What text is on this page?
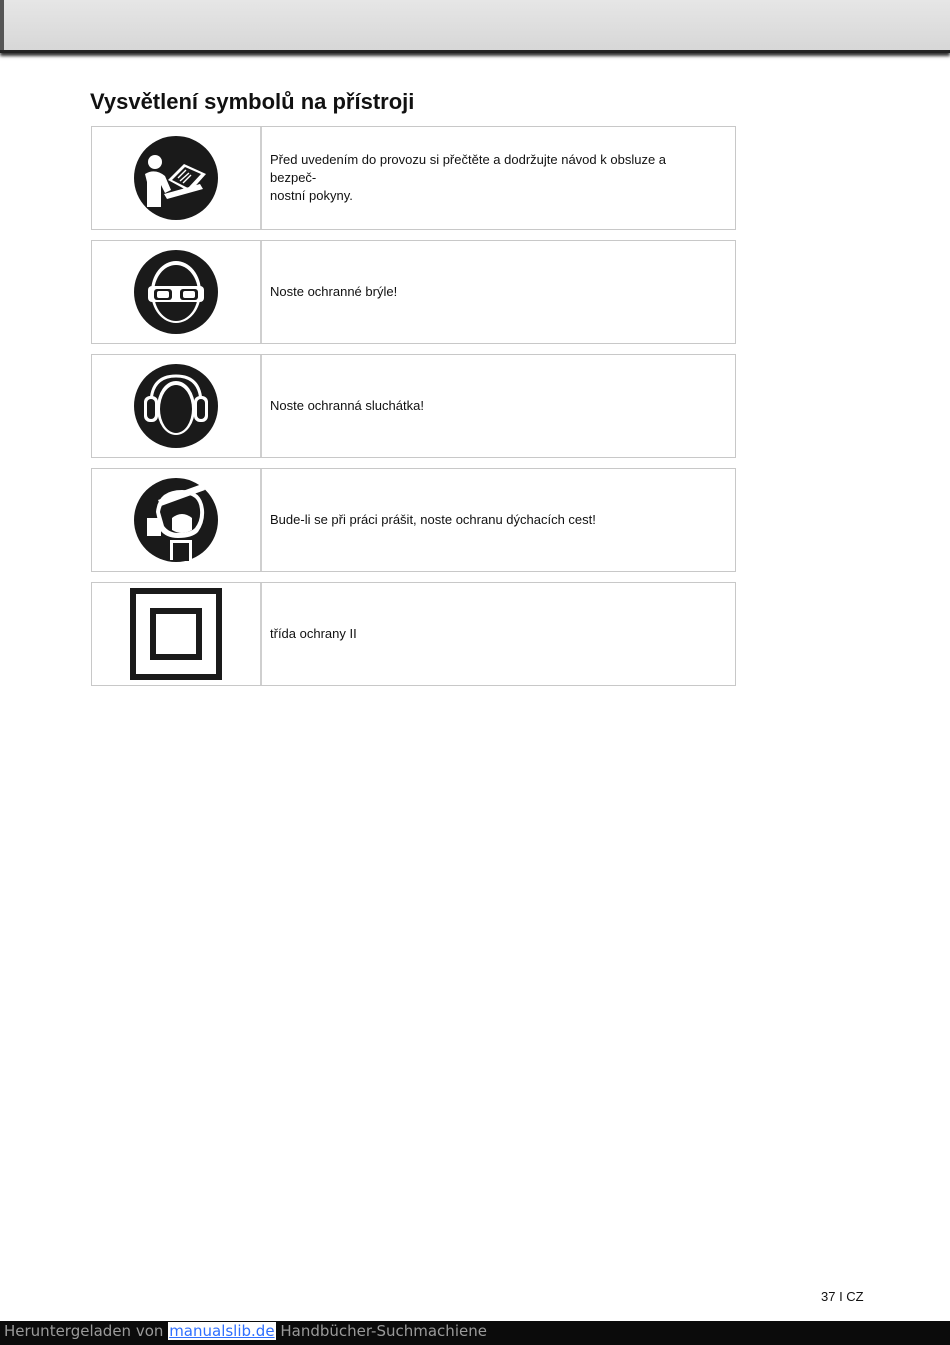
Vysvětlení symbolů na přístroji
Před uvedením do provozu si přečtěte a dodržujte návod k obsluze a bezpeč-
nostní pokyny.
Noste ochranné brýle!
Noste ochranná sluchátka!
Bude-li se při práci prášit, noste ochranu dýchacích cest!
třída ochrany II
37 I CZ
Heruntergeladen von manualslib.de Handbücher-Suchmachiene
